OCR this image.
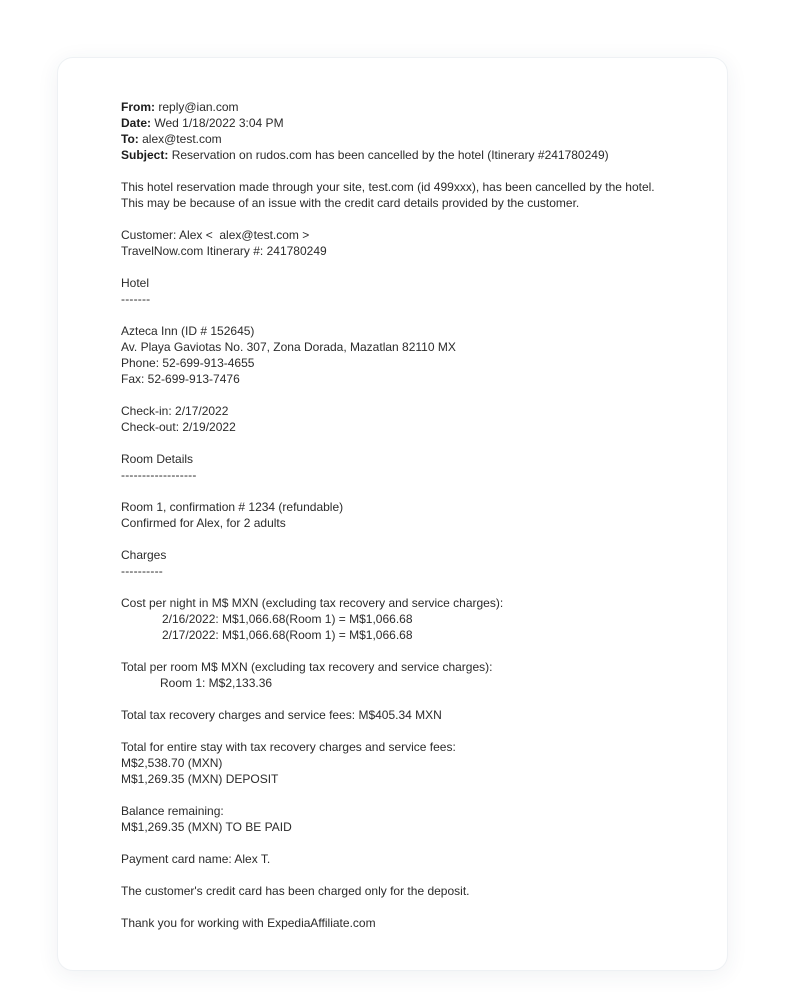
From: reply@ian.com
Date: Wed 1/18/2022 3:04 PM
To: alex@test.com
Subject: Reservation on rudos.com has been cancelled by the hotel (Itinerary #241780249)
This hotel reservation made through your site, test.com (id 499xxx), has been cancelled by the hotel.
This may be because of an issue with the credit card details provided by the customer.
Customer: Alex <  alex@test.com >
TravelNow.com Itinerary #: 241780249
Hotel
-------
Azteca Inn (ID # 152645)
Av. Playa Gaviotas No. 307, Zona Dorada, Mazatlan 82110 MX
Phone: 52-699-913-4655
Fax: 52-699-913-7476
Check-in: 2/17/2022
Check-out: 2/19/2022
Room Details
------------------
Room 1, confirmation # 1234 (refundable)
Confirmed for Alex, for 2 adults
Charges
----------
Cost per night in M$ MXN (excluding tax recovery and service charges):
2/16/2022: M$1,066.68(Room 1) = M$1,066.68
2/17/2022: M$1,066.68(Room 1) = M$1,066.68
Total per room M$ MXN (excluding tax recovery and service charges):
Room 1: M$2,133.36
Total tax recovery charges and service fees: M$405.34 MXN
Total for entire stay with tax recovery charges and service fees:
M$2,538.70 (MXN)
M$1,269.35 (MXN) DEPOSIT
Balance remaining:
M$1,269.35 (MXN) TO BE PAID
Payment card name: Alex T.
The customer's credit card has been charged only for the deposit.
Thank you for working with ExpediaAffiliate.com
